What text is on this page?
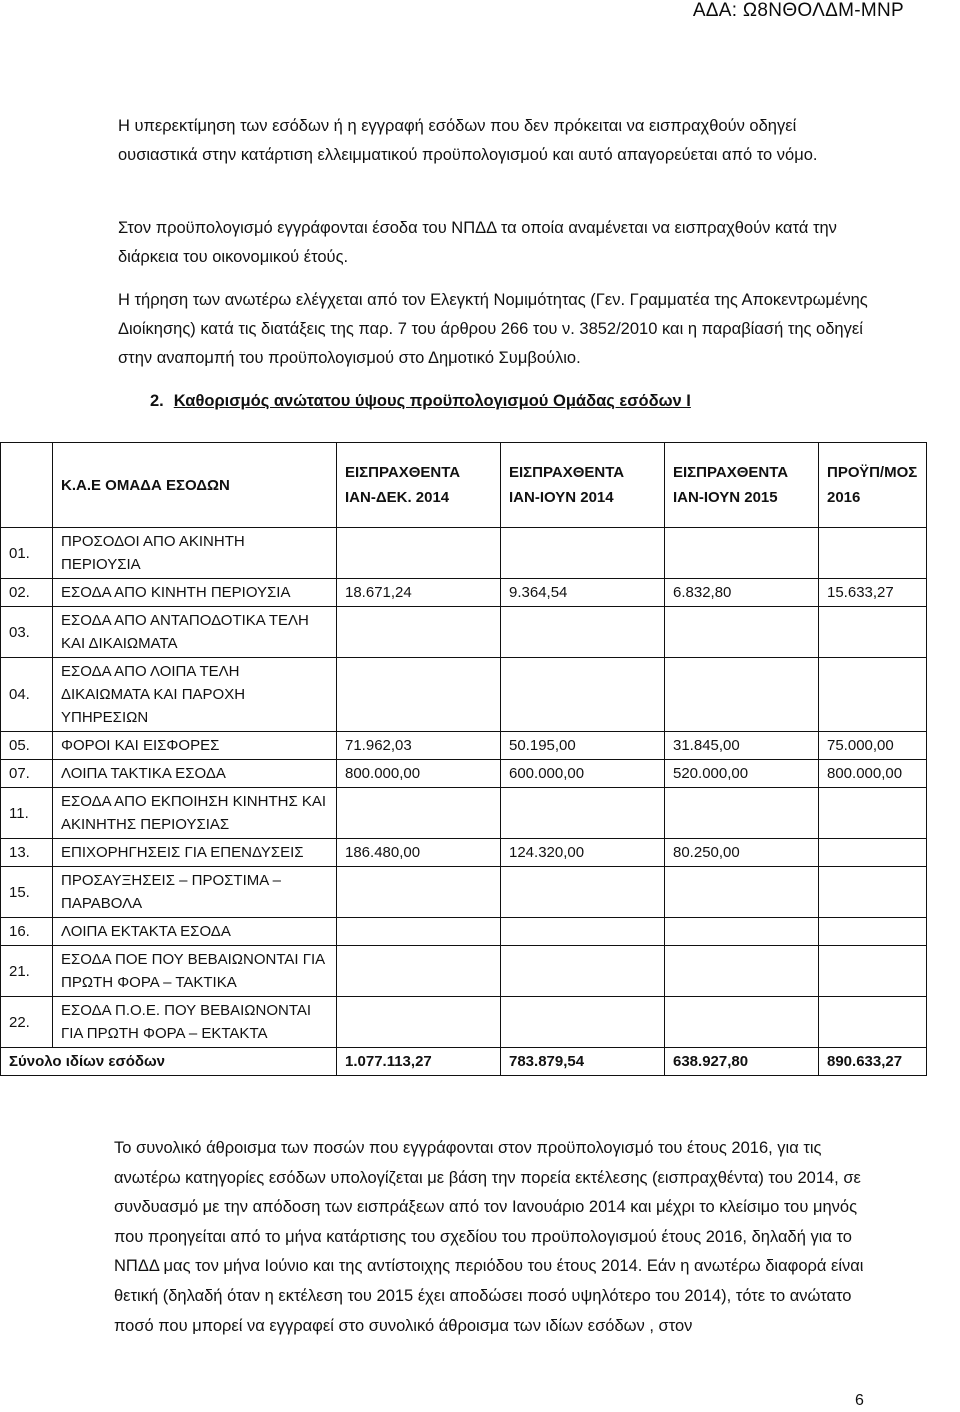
ΑΔΑ: Ω8ΝΘΟΛΔΜ-ΜΝΡ
Η υπερεκτίμηση των εσόδων ή η εγγραφή εσόδων που δεν πρόκειται να εισπραχθούν οδηγεί ουσιαστικά στην κατάρτιση ελλειμματικού προϋπολογισμού και αυτό απαγορεύεται από το νόμο.
Στον προϋπολογισμό εγγράφονται έσοδα του ΝΠΔΔ τα οποία αναμένεται να εισπραχθούν κατά την διάρκεια του οικονομικού έτούς.
Η τήρηση των ανωτέρω ελέγχεται από τον Ελεγκτή Νομιμότητας (Γεν. Γραμματέα της Αποκεντρωμένης Διοίκησης) κατά τις διατάξεις της παρ. 7 του άρθρου 266 του ν. 3852/2010 και η παραβίασή της οδηγεί στην αναπομπή του προϋπολογισμού στο Δημοτικό Συμβούλιο.
2. Καθορισμός ανώτατου ύψους προϋπολογισμού Ομάδας εσόδων Ι
	Κ.Α.Ε ΟΜΑΔΑ ΕΣΟΔΩΝ	ΕΙΣΠΡΑΧΘΕΝΤΑ ΙΑΝ-ΔΕΚ. 2014	ΕΙΣΠΡΑΧΘΕΝΤΑ ΙΑΝ-ΙΟΥΝ 2014	ΕΙΣΠΡΑΧΘΕΝΤΑ ΙΑΝ-ΙΟΥΝ 2015	ΠΡΟΫΠ/ΜΟΣ 2016
01.	ΠΡΟΣΟΔΟΙ ΑΠΟ ΑΚΙΝΗΤΗ ΠΕΡΙΟΥΣΙΑ				
02.	ΕΣΟΔΑ ΑΠΟ ΚΙΝΗΤΗ ΠΕΡΙΟΥΣΙΑ	18.671,24	9.364,54	6.832,80	15.633,27
03.	ΕΣΟΔΑ ΑΠΟ ΑΝΤΑΠΟΔΟΤΙΚΑ ΤΕΛΗ ΚΑΙ ΔΙΚΑΙΩΜΑΤΑ				
04.	ΕΣΟΔΑ ΑΠΟ ΛΟΙΠΑ ΤΕΛΗ ΔΙΚΑΙΩΜΑΤΑ ΚΑΙ ΠΑΡΟΧΗ ΥΠΗΡΕΣΙΩΝ				
05.	ΦΟΡΟΙ ΚΑΙ ΕΙΣΦΟΡΕΣ	71.962,03	50.195,00	31.845,00	75.000,00
07.	ΛΟΙΠΑ ΤΑΚΤΙΚΑ ΕΣΟΔΑ	800.000,00	600.000,00	520.000,00	800.000,00
11.	ΕΣΟΔΑ ΑΠΟ ΕΚΠΟΙΗΣΗ ΚΙΝΗΤΗΣ ΚΑΙ ΑΚΙΝΗΤΗΣ ΠΕΡΙΟΥΣΙΑΣ				
13.	ΕΠΙΧΟΡΗΓΗΣΕΙΣ ΓΙΑ ΕΠΕΝΔΥΣΕΙΣ	186.480,00	124.320,00	80.250,00	
15.	ΠΡΟΣΑΥΞΗΣΕΙΣ – ΠΡΟΣΤΙΜΑ – ΠΑΡΑΒΟΛΑ				
16.	ΛΟΙΠΑ ΕΚΤΑΚΤΑ ΕΣΟΔΑ				
21.	ΕΣΟΔΑ ΠΟΕ ΠΟΥ ΒΕΒΑΙΩΝΟΝΤΑΙ ΓΙΑ ΠΡΩΤΗ ΦΟΡΑ – ΤΑΚΤΙΚΑ				
22.	ΕΣΟΔΑ Π.Ο.Ε. ΠΟΥ ΒΕΒΑΙΩΝΟΝΤΑΙ ΓΙΑ ΠΡΩΤΗ ΦΟΡΑ – ΕΚΤΑΚΤΑ				
Σύνολο ιδίων εσόδων		1.077.113,27	783.879,54	638.927,80	890.633,27
Το συνολικό άθροισμα των ποσών που εγγράφονται στον προϋπολογισμό του έτους 2016, για τις ανωτέρω κατηγορίες εσόδων υπολογίζεται με βάση την πορεία εκτέλεσης (εισπραχθέντα) του 2014, σε συνδυασμό με την απόδοση των εισπράξεων από τον Ιανουάριο 2014 και μέχρι το κλείσιμο του μηνός που προηγείται από το μήνα κατάρτισης του σχεδίου του προϋπολογισμού έτους 2016, δηλαδή για το ΝΠΔΔ μας τον μήνα Ιούνιο και της αντίστοιχης περιόδου του έτους 2014. Εάν η ανωτέρω διαφορά είναι θετική (δηλαδή όταν η εκτέλεση του 2015 έχει αποδώσει ποσό υψηλότερο του 2014), τότε το ανώτατο ποσό που μπορεί να εγγραφεί στο συνολικό άθροισμα των ιδίων εσόδων , στον
6
